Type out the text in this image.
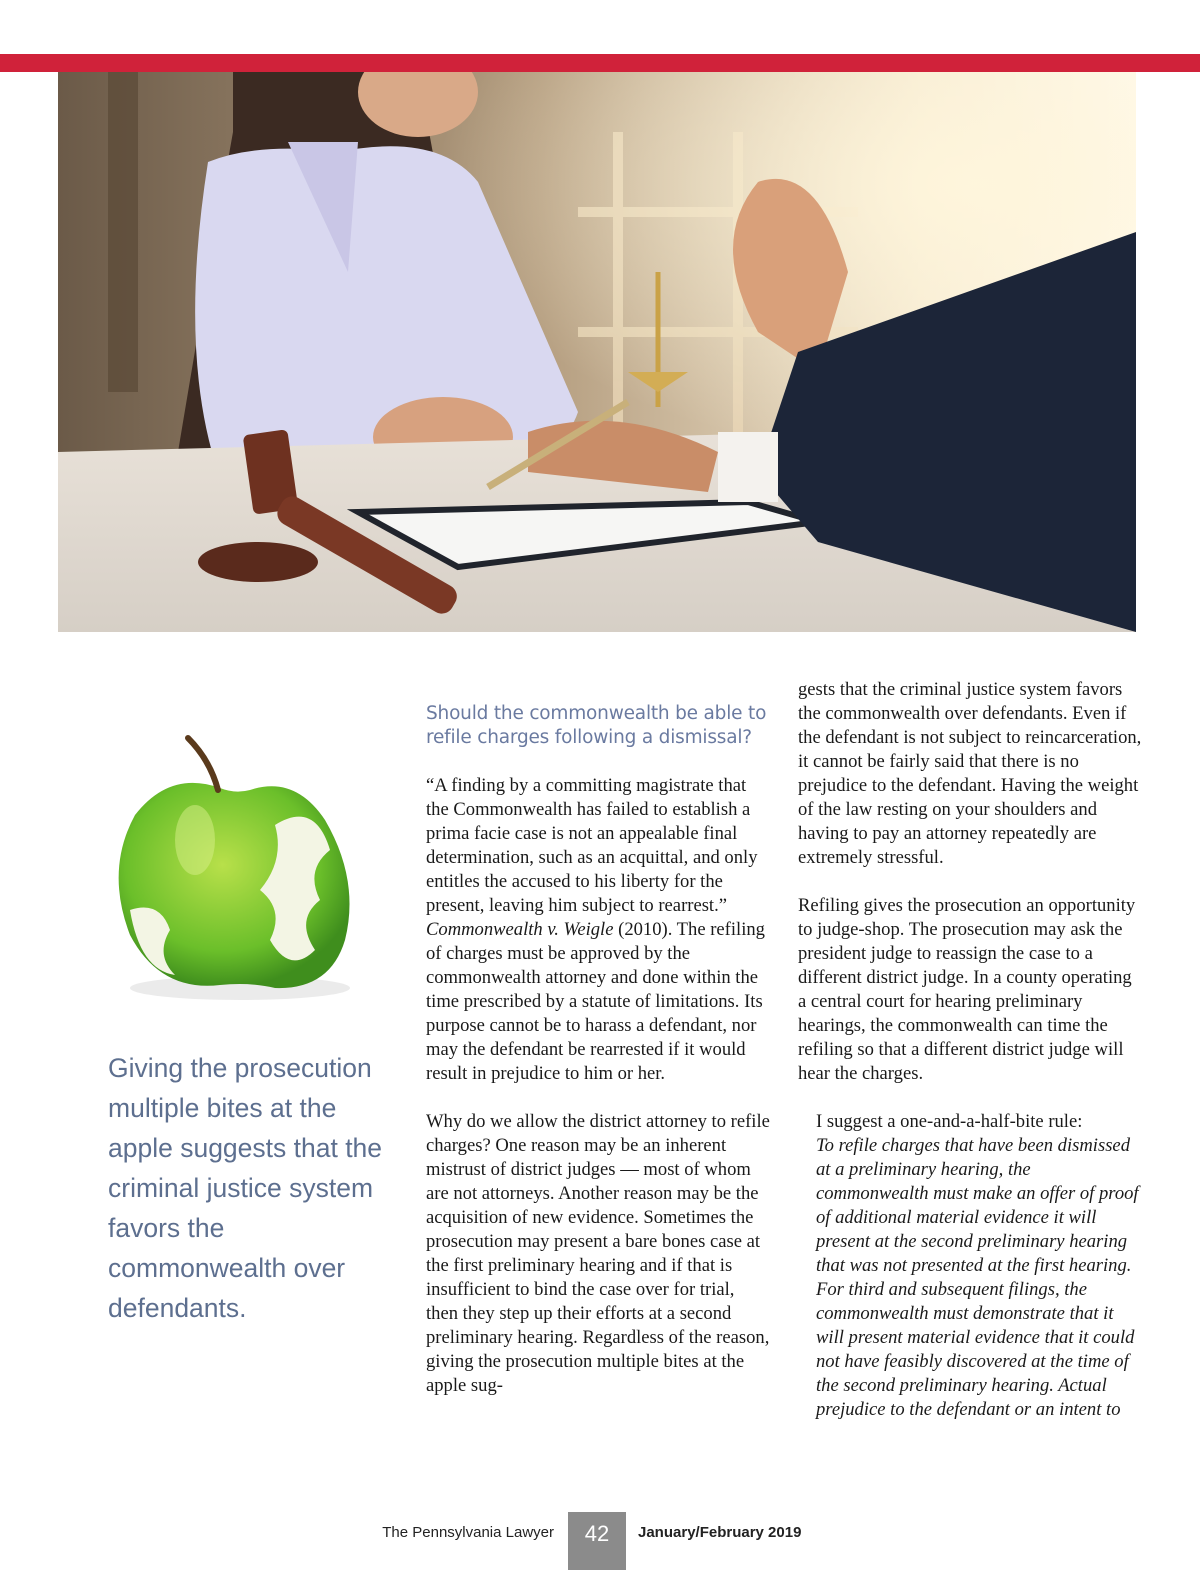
Giving the prosecution multiple bites at the apple suggests that the criminal justice system favors the commonwealth over defendants.
Should the commonwealth be able to refile charges following a dismissal?

“A finding by a committing magistrate that the Commonwealth has failed to establish a prima facie case is not an appealable final determination, such as an acquittal, and only entitles the accused to his liberty for the present, leaving him subject to rearrest.” Commonwealth v. Weigle (2010). The refiling of charges must be approved by the commonwealth attorney and done within the time prescribed by a statute of limitations. Its purpose cannot be to harass a defendant, nor may the defendant be rearrested if it would result in prejudice to him or her.

Why do we allow the district attorney to refile charges? One reason may be an inherent mistrust of district judges — most of whom are not attorneys. Another reason may be the acquisition of new evidence. Sometimes the prosecution may present a bare bones case at the first preliminary hearing and if that is insufficient to bind the case over for trial, then they step up their efforts at a second preliminary hearing. Regardless of the reason, giving the prosecution multiple bites at the apple sug-

gests that the criminal justice system favors the commonwealth over defendants. Even if the defendant is not subject to reincarceration, it cannot be fairly said that there is no prejudice to the defendant. Having the weight of the law resting on your shoulders and having to pay an attorney repeatedly are extremely stressful.

Refiling gives the prosecution an opportunity to judge-shop. The prosecution may ask the president judge to reassign the case to a different district judge. In a county operating a central court for hearing preliminary hearings, the commonwealth can time the refiling so that a different district judge will hear the charges.

I suggest a one-and-a-half-bite rule:

To refile charges that have been dismissed at a preliminary hearing, the commonwealth must make an offer of proof of additional material evidence it will present at the second preliminary hearing that was not presented at the first hearing. For third and subsequent filings, the commonwealth must demonstrate that it will present material evidence that it could not have feasibly discovered at the time of the second preliminary hearing. Actual prejudice to the defendant or an intent to

The Pennsylvania Lawyer	42	January/February 2019
